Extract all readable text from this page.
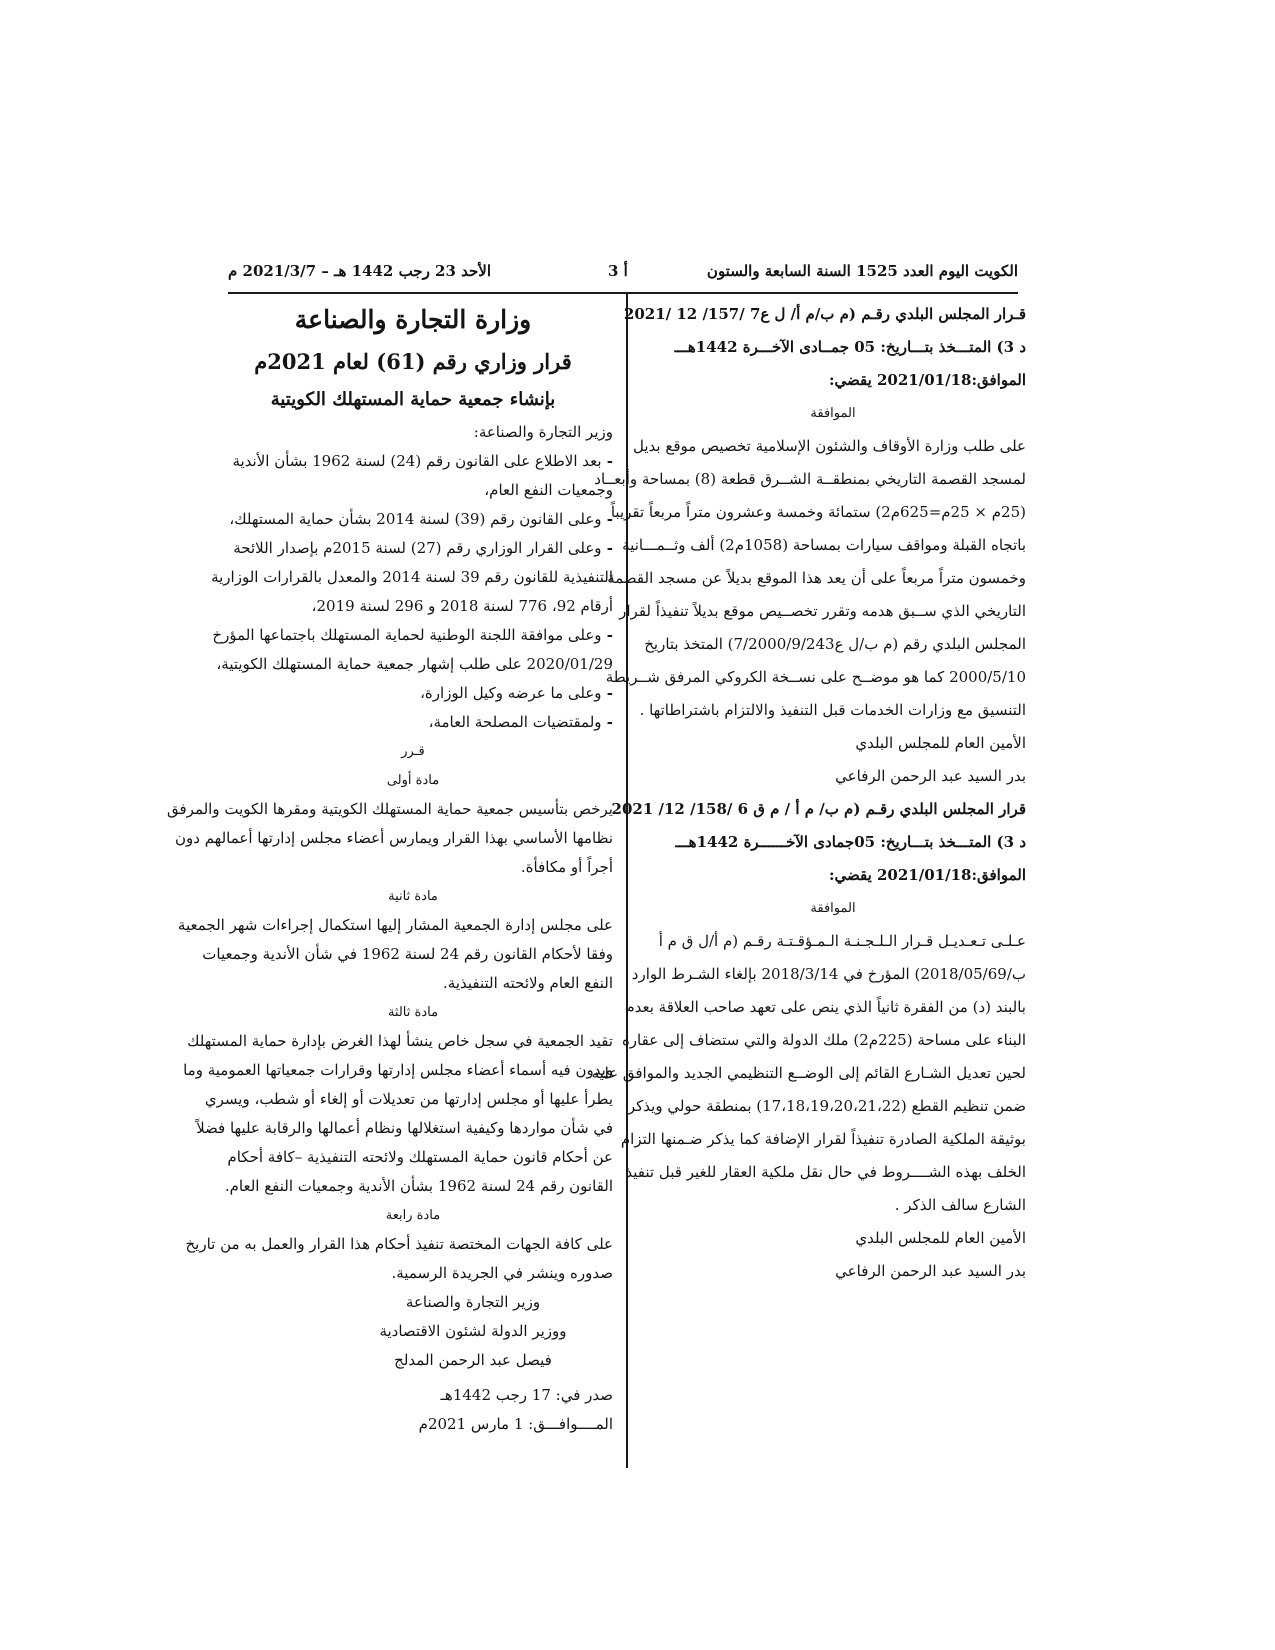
الكويت اليوم العدد 1525 السنة السابعة والستون
أ 3
الأحد 23 رجب 1442 هـ – 2021/3/7 م
قـرار المجلس البلدي رقـم (م ب/م أ/ ل ع7 /157/ 12 /2021
د 3) المتـــخذ بتـــاريخ: 05 جمــادى الآخـــرة 1442هـــ
الموافق:2021/01/18 يقضي:
الموافقة
على طلب وزارة الأوقاف والشئون الإسلامية تخصيص موقع بديل
لمسجد القصمة التاريخي بمنطقــة الشــرق قطعة (8) بمساحة وأبعــاد
(25م × 25م=625م2) ستمائة وخمسة وعشرون متراً مربعاً تقريباً
باتجاه القبلة ومواقف سيارات بمساحة (1058م2) ألف وثــمـــانية
وخمسون متراً مربعاً على أن يعد هذا الموقع بديلاً عن مسجد القصمة
التاريخي الذي ســبق هدمه وتقرر تخصــيص موقع بديلاً تنفيذاً لقرار
المجلس البلدي رقم (م ب/ل ع7/2000/9/243) المتخذ بتاريخ
2000/5/10 كما هو موضــح على نســخة الكروكي المرفق شــريطة
التنسيق مع وزارات الخدمات قبل التنفيذ والالتزام باشتراطاتها .
الأمين العام للمجلس البلدي
بدر السيد عبد الرحمن الرفاعي
قرار المجلس البلدي رقـم (م ب/ م أ / م ق 6 /158/ 12/ 2021
د 3) المتـــخذ بتـــاريخ: 05جمادى الآخــــــرة 1442هـــ
الموافق:2021/01/18 يقضي:
الموافقة
عـلـى تـعـديـل قـرار الـلـجـنـة الـمـؤقـتـة رقـم (م أ/ل ق م أ
ب/2018/05/69) المؤرخ في 2018/3/14 بإلغاء الشـرط الوارد
بالبند (د) من الفقرة ثانياً الذي ينص على تعهد صاحب العلاقة بعدم
البناء على مساحة (225م2) ملك الدولة والتي ستضاف إلى عقاره
لحين تعديل الشـارع القائم إلى الوضــع التنظيمي الجديد والموافق عليه
ضمن تنظيم القطع (17،18،19،20،21،22) بمنطقة حولي ويذكر
بوثيقة الملكية الصادرة تنفيذاً لقرار الإضافة كما يذكر ضـمنها التزام
الخلف بهذه الشــــروط في حال نقل ملكية العقار للغير قبل تنفيذ
الشارع سالف الذكر .
الأمين العام للمجلس البلدي
بدر السيد عبد الرحمن الرفاعي
وزارة التجارة والصناعة
قرار وزاري رقم (61) لعام 2021م
بإنشاء جمعية حماية المستهلك الكويتية
وزير التجارة والصناعة:
- بعد الاطلاع على القانون رقم (24) لسنة 1962 بشأن الأندية
وجمعيات النفع العام،
- وعلى القانون رقم (39) لسنة 2014 بشأن حماية المستهلك،
- وعلى القرار الوزاري رقم (27) لسنة 2015م بإصدار اللائحة
التنفيذية للقانون رقم 39 لسنة 2014 والمعدل بالقرارات الوزارية
أرقام 92، 776 لسنة 2018 و 296 لسنة 2019،
- وعلى موافقة اللجنة الوطنية لحماية المستهلك باجتماعها المؤرخ
2020/01/29 على طلب إشهار جمعية حماية المستهلك الكويتية،
- وعلى ما عرضه وكيل الوزارة،
- ولمقتضيات المصلحة العامة،
قـرر
مادة أولى
يرخص بتأسيس جمعية حماية المستهلك الكويتية ومقرها الكويت والمرفق
نظامها الأساسي بهذا القرار ويمارس أعضاء مجلس إدارتها أعمالهم دون
أجراً أو مكافأة.
مادة ثانية
على مجلس إدارة الجمعية المشار إليها استكمال إجراءات شهر الجمعية
وفقا لأحكام القانون رقم 24 لسنة 1962 في شأن الأندية وجمعيات
النفع العام ولائحته التنفيذية.
مادة ثالثة
تقيد الجمعية في سجل خاص ينشأ لهذا الغرض بإدارة حماية المستهلك
ويدون فيه أسماء أعضاء مجلس إدارتها وقرارات جمعياتها العمومية وما
يطرأ عليها أو مجلس إدارتها من تعديلات أو إلغاء أو شطب، ويسري
في شأن مواردها وكيفية استغلالها ونظام أعمالها والرقابة عليها فضلاً
عن أحكام قانون حماية المستهلك ولائحته التنفيذية –كافة أحكام
القانون رقم 24 لسنة 1962 بشأن الأندية وجمعيات النفع العام.
مادة رابعة
على كافة الجهات المختصة تنفيذ أحكام هذا القرار والعمل به من تاريخ
صدوره وينشر في الجريدة الرسمية.
وزير التجارة والصناعة
ووزير الدولة لشئون الاقتصادية
فيصل عبد الرحمن المدلج
صدر في: 17 رجب 1442هـ
المــــوافـــق: 1 مارس 2021م
